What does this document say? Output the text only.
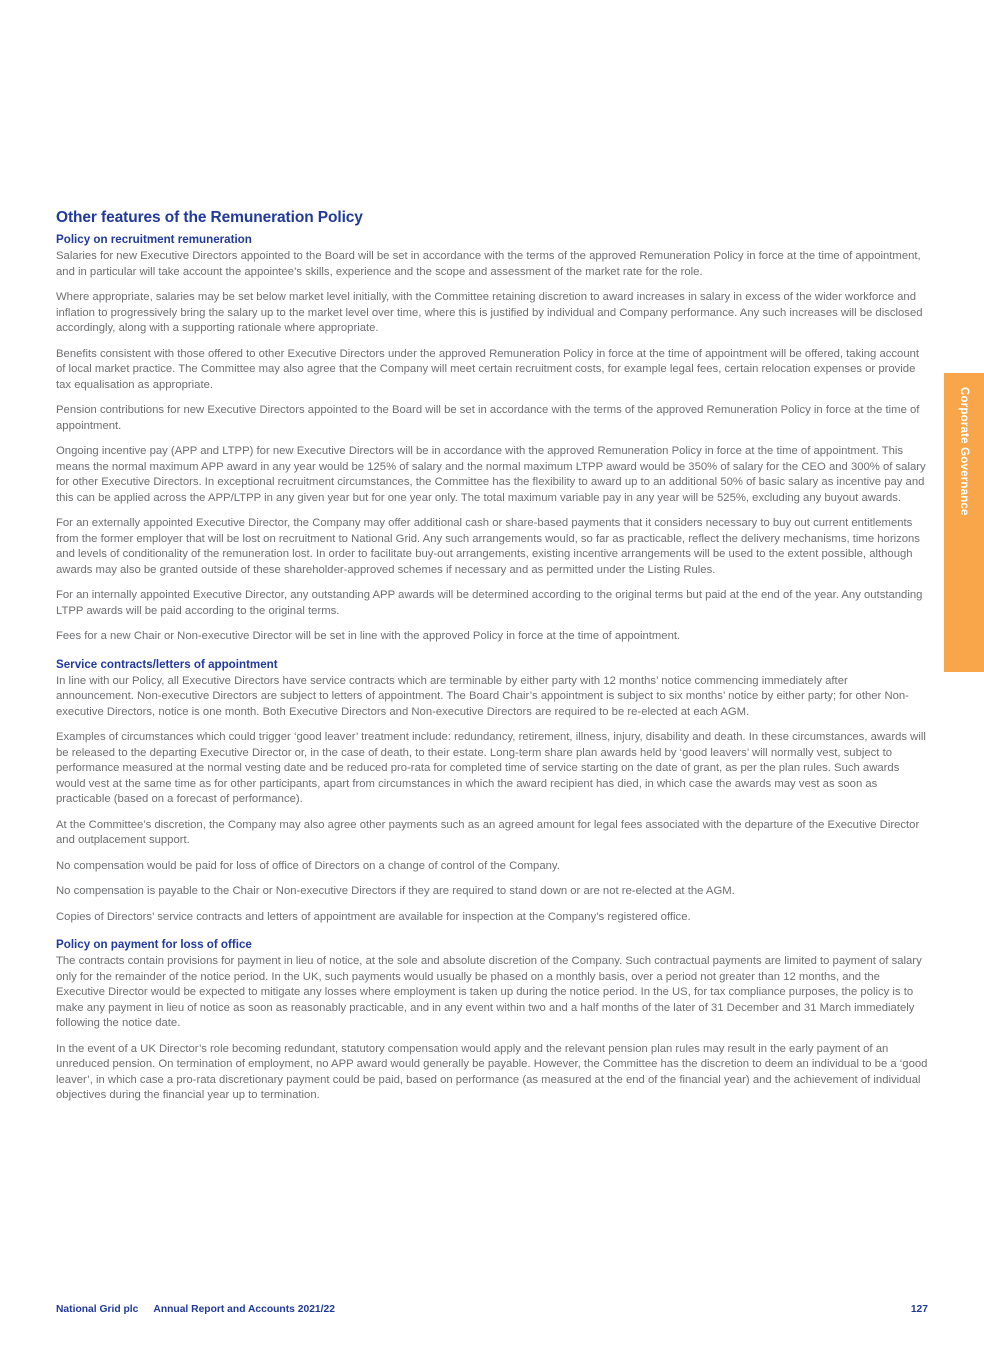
Other features of the Remuneration Policy
Policy on recruitment remuneration

Salaries for new Executive Directors appointed to the Board will be set in accordance with the terms of the approved Remuneration Policy in force at the time of appointment, and in particular will take account the appointee’s skills, experience and the scope and assessment of the market rate for the role.

Where appropriate, salaries may be set below market level initially, with the Committee retaining discretion to award increases in salary in excess of the wider workforce and inflation to progressively bring the salary up to the market level over time, where this is justified by individual and Company performance. Any such increases will be disclosed accordingly, along with a supporting rationale where appropriate.

Benefits consistent with those offered to other Executive Directors under the approved Remuneration Policy in force at the time of appointment will be offered, taking account of local market practice. The Committee may also agree that the Company will meet certain recruitment costs, for example legal fees, certain relocation expenses or provide tax equalisation as appropriate.

Pension contributions for new Executive Directors appointed to the Board will be set in accordance with the terms of the approved Remuneration Policy in force at the time of appointment.

Ongoing incentive pay (APP and LTPP) for new Executive Directors will be in accordance with the approved Remuneration Policy in force at the time of appointment. This means the normal maximum APP award in any year would be 125% of salary and the normal maximum LTPP award would be 350% of salary for the CEO and 300% of salary for other Executive Directors. In exceptional recruitment circumstances, the Committee has the flexibility to award up to an additional 50% of basic salary as incentive pay and this can be applied across the APP/LTPP in any given year but for one year only. The total maximum variable pay in any year will be 525%, excluding any buyout awards.

For an externally appointed Executive Director, the Company may offer additional cash or share-based payments that it considers necessary to buy out current entitlements from the former employer that will be lost on recruitment to National Grid. Any such arrangements would, so far as practicable, reflect the delivery mechanisms, time horizons and levels of conditionality of the remuneration lost. In order to facilitate buy-out arrangements, existing incentive arrangements will be used to the extent possible, although awards may also be granted outside of these shareholder-approved schemes if necessary and as permitted under the Listing Rules.

For an internally appointed Executive Director, any outstanding APP awards will be determined according to the original terms but paid at the end of the year. Any outstanding LTPP awards will be paid according to the original terms.

Fees for a new Chair or Non-executive Director will be set in line with the approved Policy in force at the time of appointment.

Service contracts/letters of appointment

In line with our Policy, all Executive Directors have service contracts which are terminable by either party with 12 months’ notice commencing immediately after announcement. Non-executive Directors are subject to letters of appointment. The Board Chair’s appointment is subject to six months’ notice by either party; for other Non-executive Directors, notice is one month. Both Executive Directors and Non-executive Directors are required to be re-elected at each AGM.

Examples of circumstances which could trigger ‘good leaver’ treatment include: redundancy, retirement, illness, injury, disability and death. In these circumstances, awards will be released to the departing Executive Director or, in the case of death, to their estate. Long-term share plan awards held by ‘good leavers’ will normally vest, subject to performance measured at the normal vesting date and be reduced pro-rata for completed time of service starting on the date of grant, as per the plan rules. Such awards would vest at the same time as for other participants, apart from circumstances in which the award recipient has died, in which case the awards may vest as soon as practicable (based on a forecast of performance).

At the Committee’s discretion, the Company may also agree other payments such as an agreed amount for legal fees associated with the departure of the Executive Director and outplacement support.

No compensation would be paid for loss of office of Directors on a change of control of the Company.

No compensation is payable to the Chair or Non-executive Directors if they are required to stand down or are not re-elected at the AGM.

Copies of Directors’ service contracts and letters of appointment are available for inspection at the Company’s registered office.

Policy on payment for loss of office

The contracts contain provisions for payment in lieu of notice, at the sole and absolute discretion of the Company. Such contractual payments are limited to payment of salary only for the remainder of the notice period. In the UK, such payments would usually be phased on a monthly basis, over a period not greater than 12 months, and the Executive Director would be expected to mitigate any losses where employment is taken up during the notice period. In the US, for tax compliance purposes, the policy is to make any payment in lieu of notice as soon as reasonably practicable, and in any event within two and a half months of the later of 31 December and 31 March immediately following the notice date.

In the event of a UK Director’s role becoming redundant, statutory compensation would apply and the relevant pension plan rules may result in the early payment of an unreduced pension. On termination of employment, no APP award would generally be payable. However, the Committee has the discretion to deem an individual to be a ‘good leaver’, in which case a pro-rata discretionary payment could be paid, based on performance (as measured at the end of the financial year) and the achievement of individual objectives during the financial year up to termination.

Corporate Governance
National Grid plc Annual Report and Accounts 2021/22	127
